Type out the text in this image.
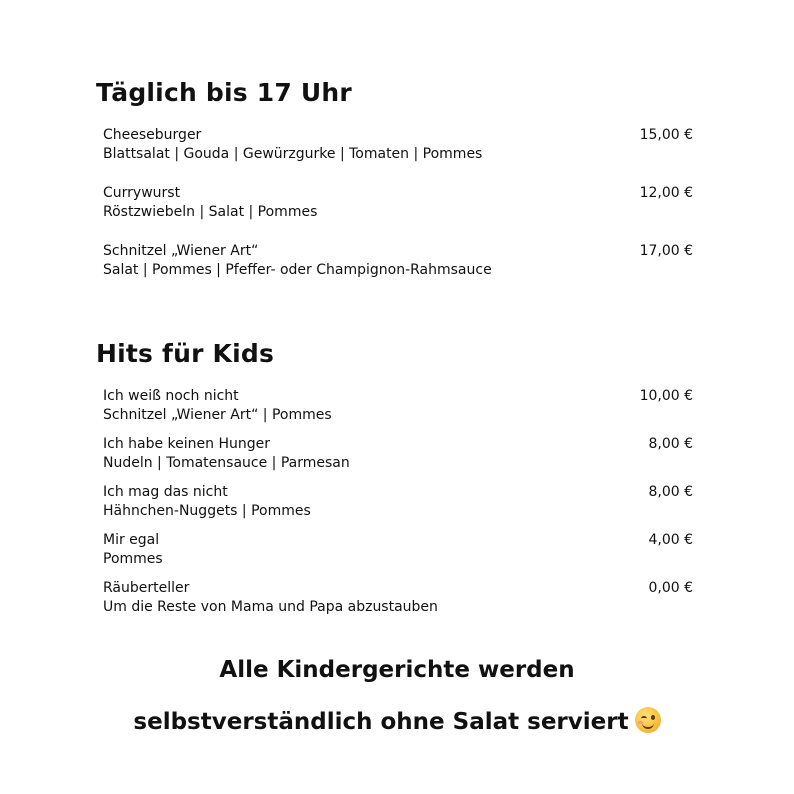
Täglich bis 17 Uhr
Cheeseburger	15,00 €
Blattsalat | Gouda | Gewürzgurke | Tomaten | Pommes
Currywurst	12,00 €
Röstzwiebeln | Salat | Pommes
Schnitzel „Wiener Art“	17,00 €
Salat | Pommes | Pfeffer- oder Champignon-Rahmsauce
Hits für Kids
Ich weiß noch nicht	10,00 €
Schnitzel „Wiener Art“ | Pommes
Ich habe keinen Hunger	8,00 €
Nudeln | Tomatensauce | Parmesan
Ich mag das nicht	8,00 €
Hähnchen-Nuggets | Pommes
Mir egal	4,00 €
Pommes
Räuberteller	0,00 €
Um die Reste von Mama und Papa abzustauben

Alle Kindergerichte werden

selbstverständlich ohne Salat serviert
